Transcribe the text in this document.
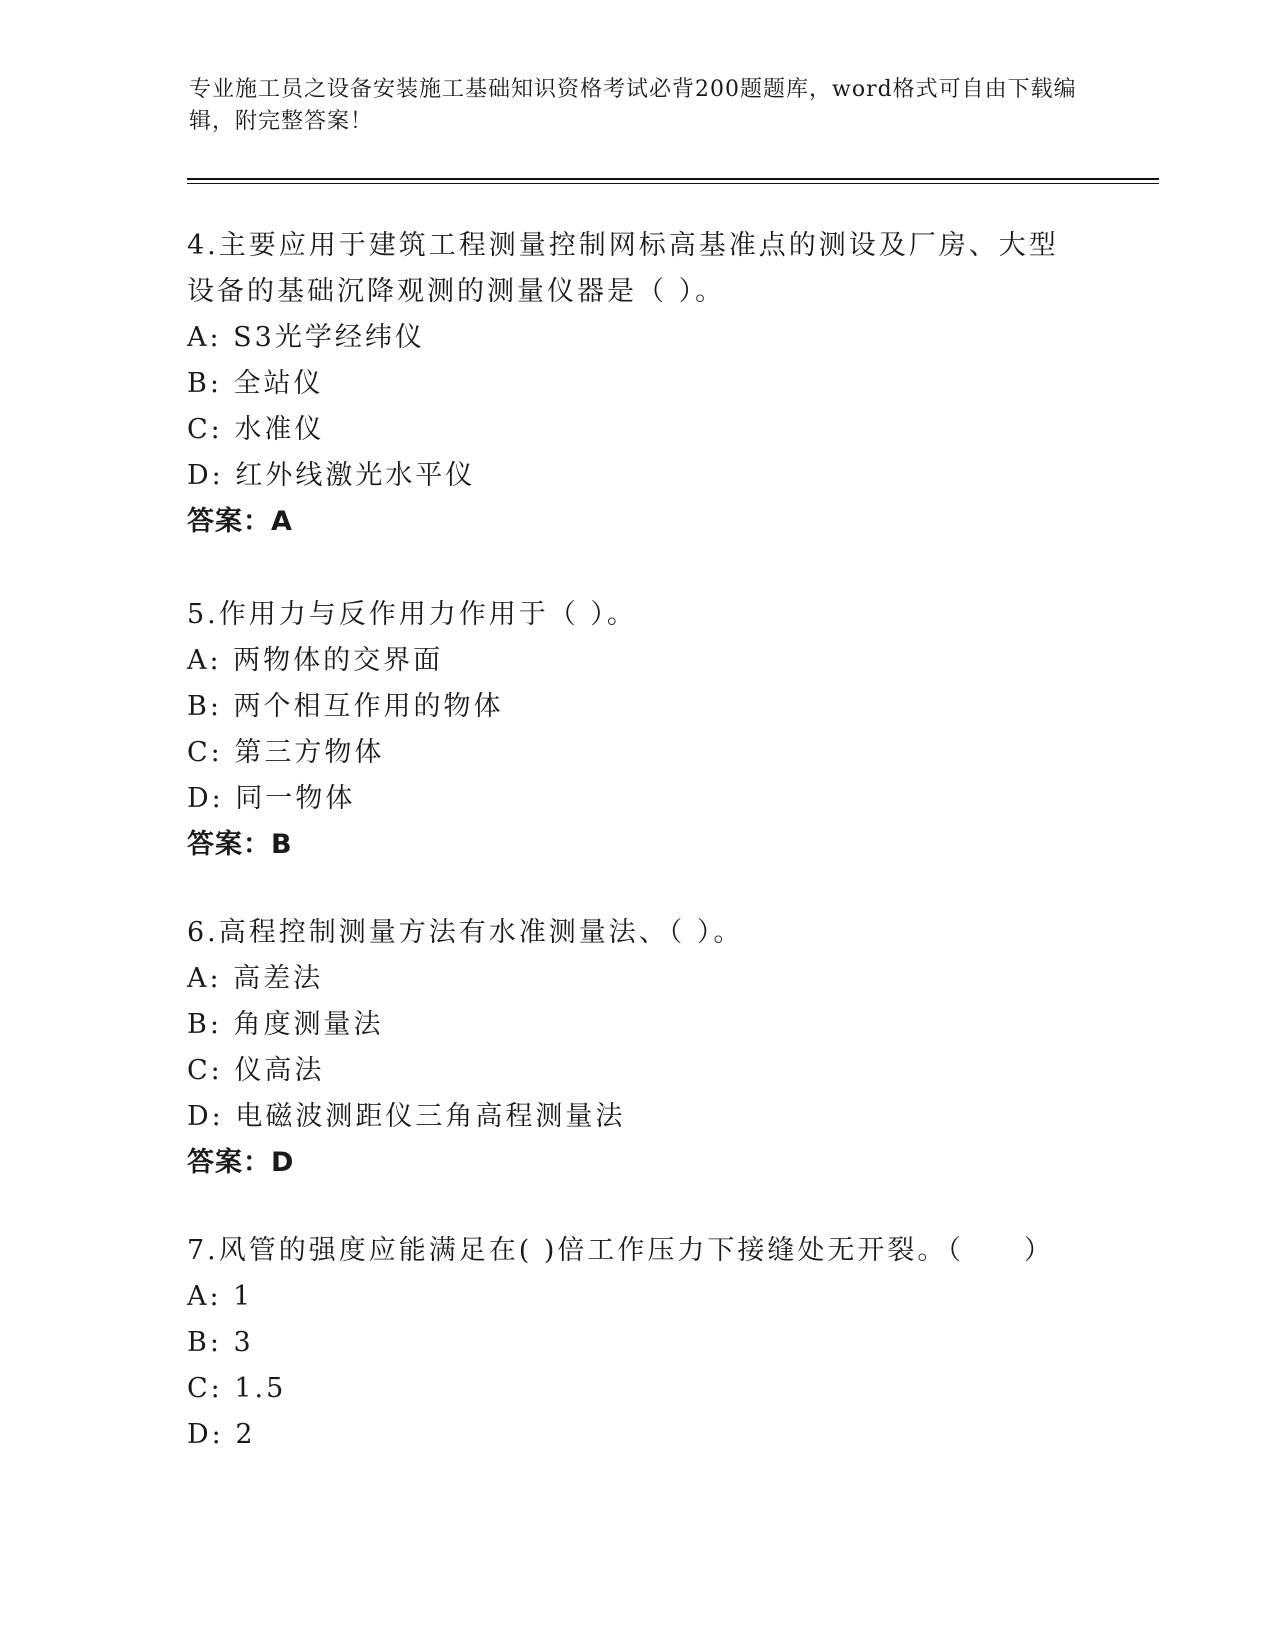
专业施工员之设备安装施工基础知识资格考试必背200题题库，word格式可自由下载编辑，附完整答案！

4.主要应用于建筑工程测量控制网标高基准点的测设及厂房、大型设备的基础沉降观测的测量仪器是（ ）。

A: S3光学经纬仪

B: 全站仪

C: 水准仪

D: 红外线激光水平仪

答案：A

5.作用力与反作用力作用于（ ）。

A: 两物体的交界面

B: 两个相互作用的物体

C: 第三方物体

D: 同一物体

答案：B

6.高程控制测量方法有水准测量法、（ ）。

A: 高差法

B: 角度测量法

C: 仪高法

D: 电磁波测距仪三角高程测量法

答案：D

7.风管的强度应能满足在( )倍工作压力下接缝处无开裂。（　　）

A: 1

B: 3

C: 1.5

D: 2
